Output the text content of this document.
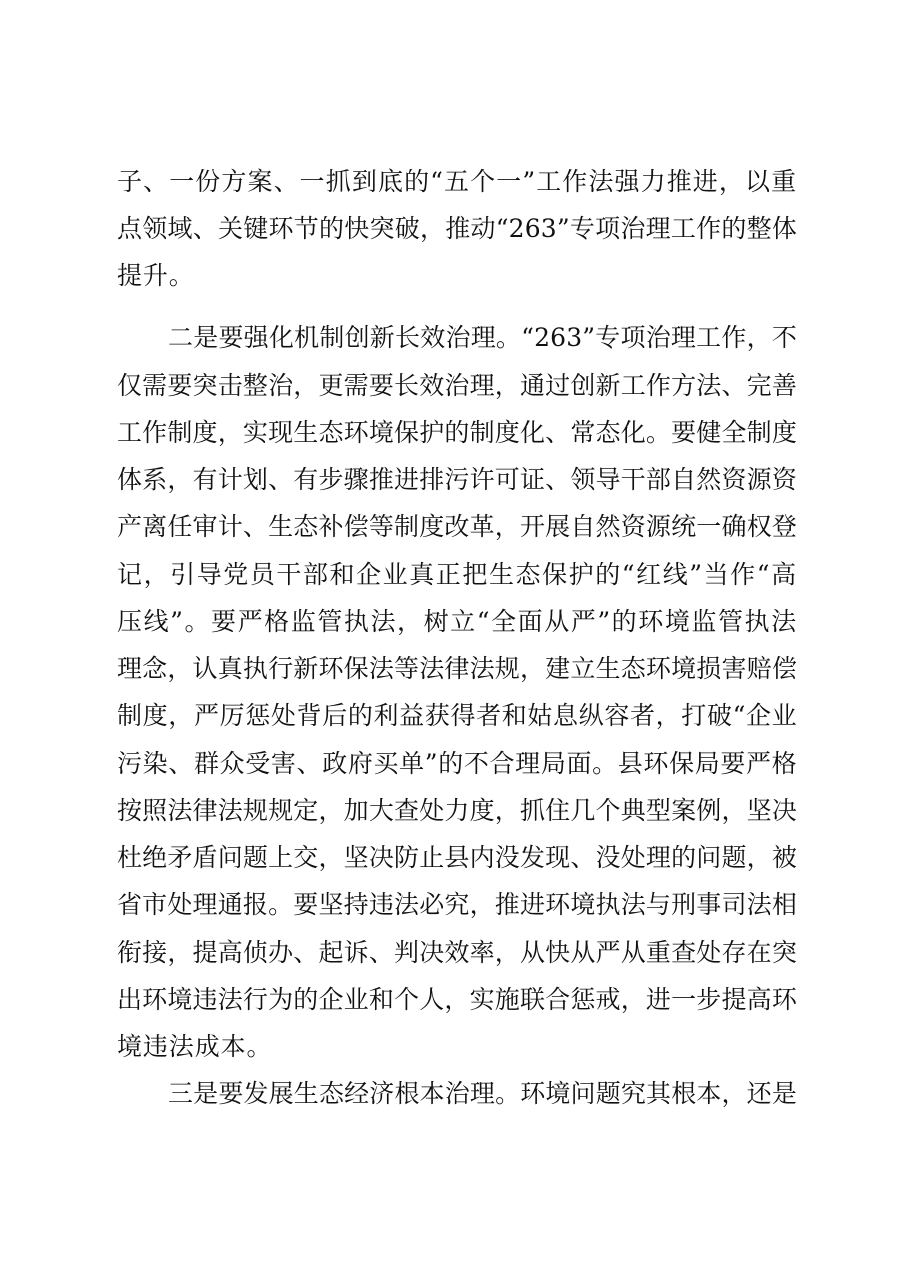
子、一份方案、一抓到底的“五个一”工作法强力推进，以重
点领域、关键环节的快突破，推动“263”专项治理工作的整体
提升。
二是要强化机制创新长效治理。“263”专项治理工作，不
仅需要突击整治，更需要长效治理，通过创新工作方法、完善
工作制度，实现生态环境保护的制度化、常态化。要健全制度
体系，有计划、有步骤推进排污许可证、领导干部自然资源资
产离任审计、生态补偿等制度改革，开展自然资源统一确权登
记，引导党员干部和企业真正把生态保护的“红线”当作“高
压线”。要严格监管执法，树立“全面从严”的环境监管执法
理念，认真执行新环保法等法律法规，建立生态环境损害赔偿
制度，严厉惩处背后的利益获得者和姑息纵容者，打破“企业
污染、群众受害、政府买单”的不合理局面。县环保局要严格
按照法律法规规定，加大查处力度，抓住几个典型案例，坚决
杜绝矛盾问题上交，坚决防止县内没发现、没处理的问题，被
省市处理通报。要坚持违法必究，推进环境执法与刑事司法相
衔接，提高侦办、起诉、判决效率，从快从严从重查处存在突
出环境违法行为的企业和个人，实施联合惩戒，进一步提高环
境违法成本。
三是要发展生态经济根本治理。环境问题究其根本，还是
